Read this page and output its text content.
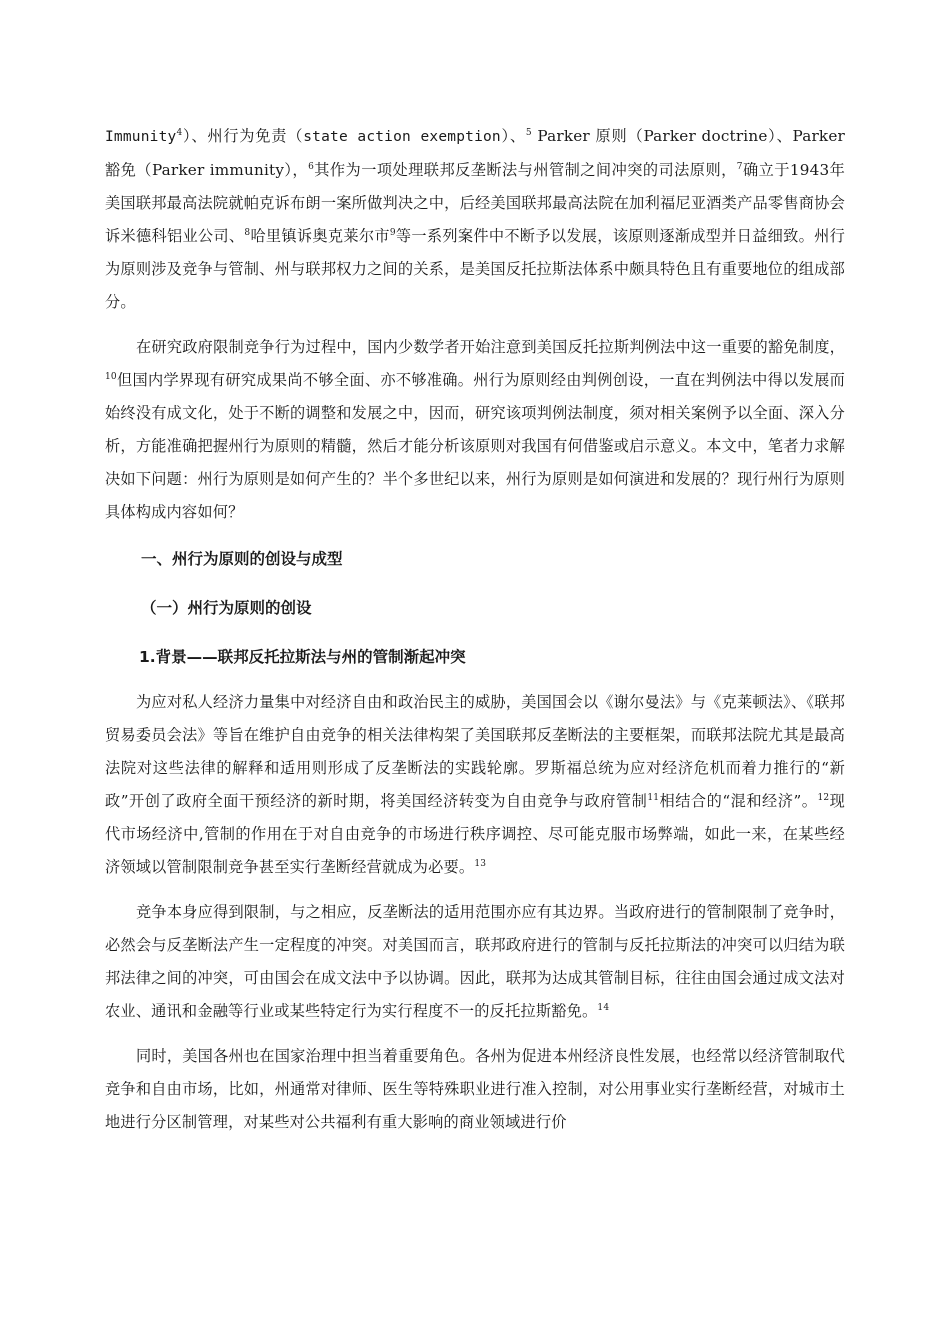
Immunity$^4$）、州行为免责（state action exemption）、$^5$ Parker 原则（Parker doctrine）、Parker豁免（Parker immunity），$^6$其作为一项处理联邦反垄断法与州管制之间冲突的司法原则，$^7$确立于1943年美国联邦最高法院就帕克诉布朗一案所做判决之中，后经美国联邦最高法院在加利福尼亚酒类产品零售商协会诉米德科铝业公司、$^8$哈里镇诉奥克莱尔市$^9$等一系列案件中不断予以发展，该原则逐渐成型并日益细致。州行为原则涉及竞争与管制、州与联邦权力之间的关系，是美国反托拉斯法体系中颇具特色且有重要地位的组成部分。

在研究政府限制竞争行为过程中，国内少数学者开始注意到美国反托拉斯判例法中这一重要的豁免制度，$^{10}$但国内学界现有研究成果尚不够全面、亦不够准确。州行为原则经由判例创设，一直在判例法中得以发展而始终没有成文化，处于不断的调整和发展之中，因而，研究该项判例法制度，须对相关案例予以全面、深入分析，方能准确把握州行为原则的精髓，然后才能分析该原则对我国有何借鉴或启示意义。本文中，笔者力求解决如下问题：州行为原则是如何产生的？半个多世纪以来，州行为原则是如何演进和发展的？现行州行为原则具体构成内容如何？

一、州行为原则的创设与成型
（一）州行为原则的创设
1.背景——联邦反托拉斯法与州的管制渐起冲突

为应对私人经济力量集中对经济自由和政治民主的威胁，美国国会以《谢尔曼法》与《克莱顿法》、《联邦贸易委员会法》等旨在维护自由竞争的相关法律构架了美国联邦反垄断法的主要框架，而联邦法院尤其是最高法院对这些法律的解释和适用则形成了反垄断法的实践轮廓。罗斯福总统为应对经济危机而着力推行的“新政”开创了政府全面干预经济的新时期，将美国经济转变为自由竞争与政府管制$^{11}$相结合的“混和经济”。$^{12}$现代市场经济中,管制的作用在于对自由竞争的市场进行秩序调控、尽可能克服市场弊端，如此一来，在某些经济领域以管制限制竞争甚至实行垄断经营就成为必要。$^{13}$

竞争本身应得到限制，与之相应，反垄断法的适用范围亦应有其边界。当政府进行的管制限制了竞争时，必然会与反垄断法产生一定程度的冲突。对美国而言，联邦政府进行的管制与反托拉斯法的冲突可以归结为联邦法律之间的冲突，可由国会在成文法中予以协调。因此，联邦为达成其管制目标，往往由国会通过成文法对农业、通讯和金融等行业或某些特定行为实行程度不一的反托拉斯豁免。$^{14}$

同时，美国各州也在国家治理中担当着重要角色。各州为促进本州经济良性发展，也经常以经济管制取代竞争和自由市场，比如，州通常对律师、医生等特殊职业进行准入控制，对公用事业实行垄断经营，对城市土地进行分区制管理，对某些对公共福利有重大影响的商业领域进行价
